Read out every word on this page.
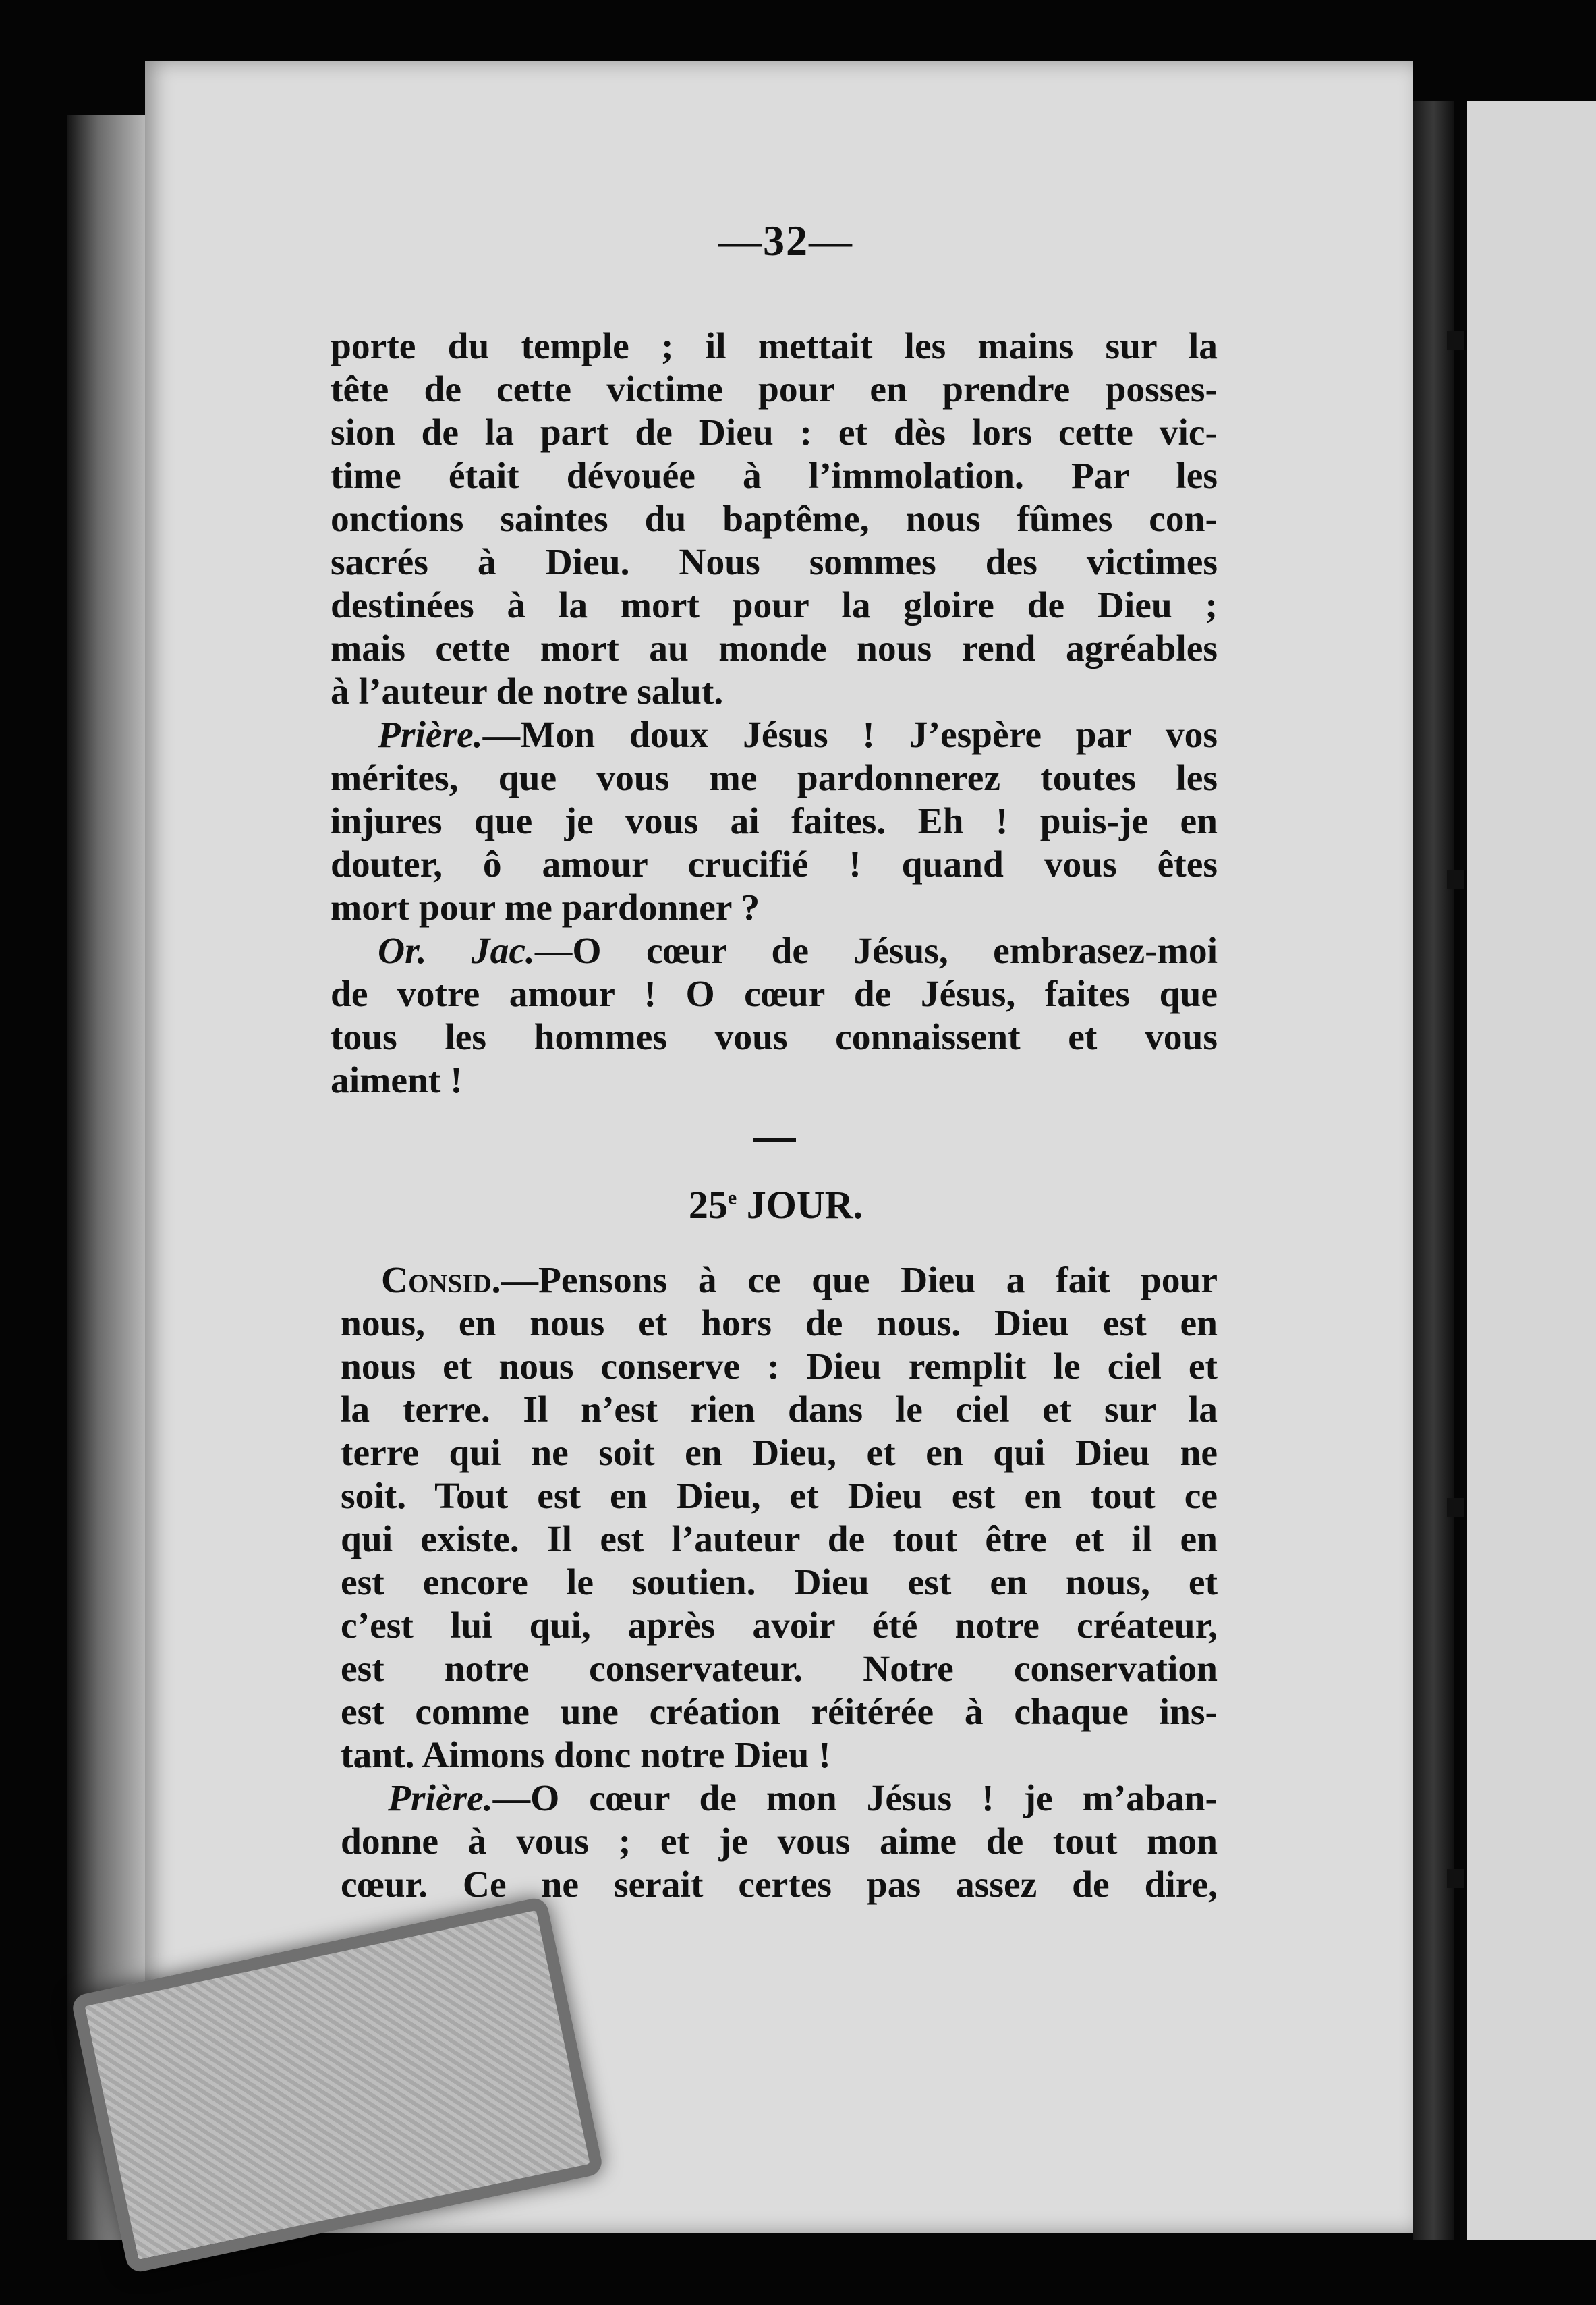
—32—
porte du temple ; il mettait les mains sur la
tête de cette victime pour en prendre posses-
sion de la part de Dieu : et dès lors cette vic-
time était dévouée à l’immolation. Par les
onctions saintes du baptême, nous fûmes con-
sacrés à Dieu. Nous sommes des victimes
destinées à la mort pour la gloire de Dieu ;
mais cette mort au monde nous rend agréables
à l’auteur de notre salut.
Prière.—Mon doux Jésus ! J’espère par vos
mérites, que vous me pardonnerez toutes les
injures que je vous ai faites. Eh ! puis-je en
douter, ô amour crucifié ! quand vous êtes
mort pour me pardonner ?
Or. Jac.—O cœur de Jésus, embrasez-moi
de votre amour ! O cœur de Jésus, faites que
tous les hommes vous connaissent et vous
aiment !
25e JOUR.
Consid.—Pensons à ce que Dieu a fait pour
nous, en nous et hors de nous. Dieu est en
nous et nous conserve : Dieu remplit le ciel et
la terre. Il n’est rien dans le ciel et sur la
terre qui ne soit en Dieu, et en qui Dieu ne
soit. Tout est en Dieu, et Dieu est en tout ce
qui existe. Il est l’auteur de tout être et il en
est encore le soutien. Dieu est en nous, et
c’est lui qui, après avoir été notre créateur,
est notre conservateur. Notre conservation
est comme une création réitérée à chaque ins-
tant. Aimons donc notre Dieu !
Prière.—O cœur de mon Jésus ! je m’aban-
donne à vous ; et je vous aime de tout mon
cœur. Ce ne serait certes pas assez de dire,
